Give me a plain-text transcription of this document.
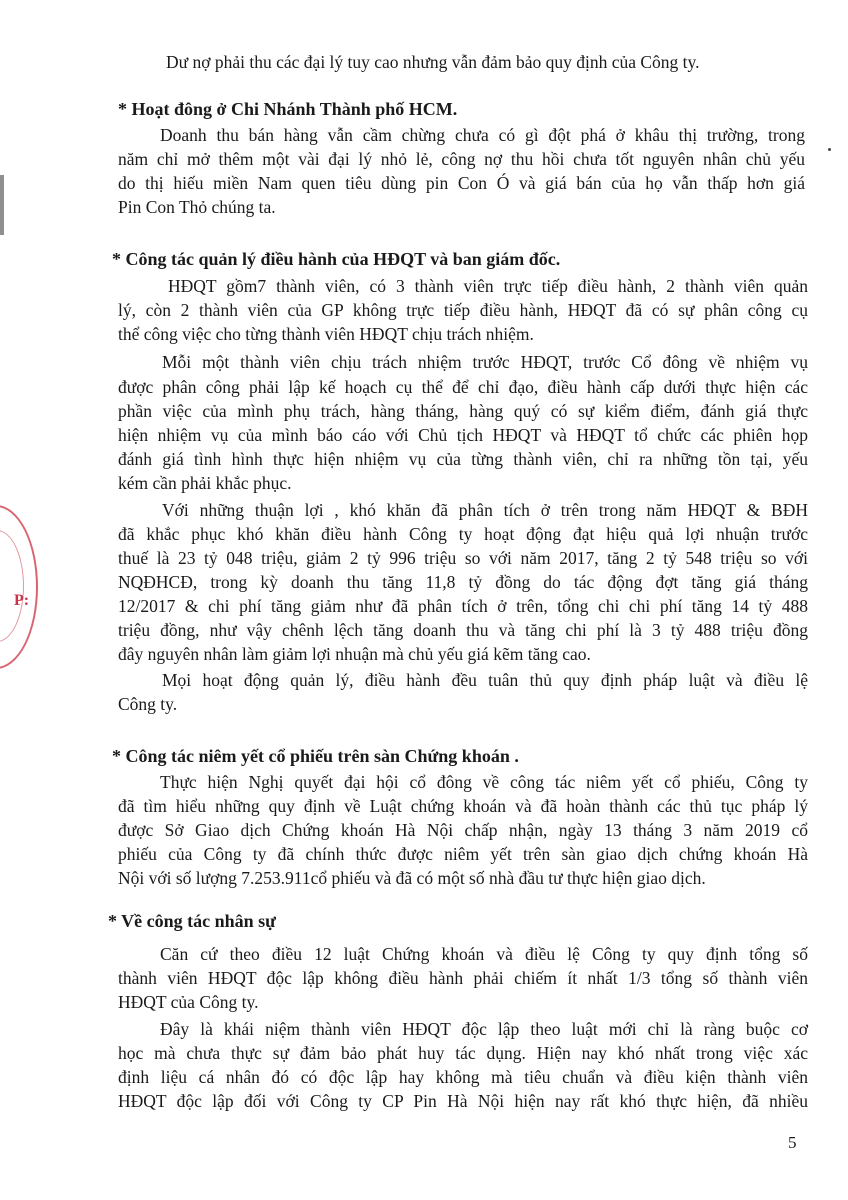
P:
Dư nợ phải thu các đại lý tuy cao nhưng vẫn đảm bảo quy định của Công ty.
* Hoạt đông ở Chi Nhánh Thành phố HCM.
Doanh thu bán hàng vẫn cầm chừng chưa có gì đột phá ở khâu thị trường, trong
năm chỉ mở thêm một vài đại lý nhỏ lẻ, công nợ thu hồi chưa tốt nguyên nhân chủ yếu
do thị hiếu miền Nam quen tiêu dùng pin Con Ó và giá bán của họ vẫn thấp hơn giá
Pin Con Thỏ chúng ta.
* Công tác quản lý điều hành của HĐQT và ban giám đốc.
HĐQT gồm7 thành viên, có 3 thành viên trực tiếp điều hành, 2 thành viên quản
lý, còn 2 thành viên của GP không trực tiếp điều hành, HĐQT đã có sự phân công cụ
thể công việc cho từng thành viên HĐQT chịu trách nhiệm.
Mỗi một thành viên chịu trách nhiệm trước HĐQT, trước Cổ đông về nhiệm vụ
được phân công phải lập kế hoạch cụ thể để chỉ đạo, điều hành cấp dưới thực hiện các
phần việc của mình phụ trách, hàng tháng, hàng quý có sự kiểm điểm, đánh giá thực
hiện nhiệm vụ của mình báo cáo với Chủ tịch HĐQT và HĐQT tổ chức các phiên họp
đánh giá tình hình thực hiện nhiệm vụ của từng thành viên, chỉ ra những tồn tại, yếu
kém cần phải khắc phục.
Với những thuận lợi , khó khăn đã phân tích ở trên trong năm HĐQT & BĐH
đã khắc phục khó khăn điều hành Công ty hoạt động đạt hiệu quả lợi nhuận trước
thuế là 23 tỷ 048 triệu, giảm 2 tỷ 996 triệu so với năm 2017, tăng 2 tỷ 548 triệu so với
NQĐHCĐ, trong kỳ doanh thu tăng 11,8 tỷ đồng do tác động đợt tăng giá tháng
12/2017 & chi phí tăng giảm như đã phân tích ở trên, tổng chi chi phí tăng 14 tỷ 488
triệu đồng, như vậy chênh lệch tăng doanh thu và tăng chi phí là 3 tỷ 488 triệu đồng
đây nguyên nhân làm giảm lợi nhuận mà chủ yếu giá kẽm tăng cao.
Mọi hoạt động quản lý, điều hành đều tuân thủ quy định pháp luật và điều lệ
Công ty.
* Công tác niêm yết cổ phiếu trên sàn Chứng khoán .
Thực hiện Nghị quyết đại hội cổ đông về công tác niêm yết cổ phiếu, Công ty
đã tìm hiểu những quy định về Luật chứng khoán và đã hoàn thành các thủ tục pháp lý
được Sở Giao dịch Chứng khoán Hà Nội chấp nhận, ngày 13 tháng 3 năm 2019 cổ
phiếu của Công ty đã chính thức được niêm yết trên sàn giao dịch chứng khoán Hà
Nội với số lượng 7.253.911cổ phiếu và đã có một số nhà đầu tư thực hiện giao dịch.
* Về công tác nhân sự
Căn cứ theo điều 12 luật Chứng khoán và điều lệ Công ty quy định tổng số
thành viên HĐQT độc lập không điều hành phải chiếm ít nhất 1/3 tổng số thành viên
HĐQT của Công ty.
Đây là khái niệm thành viên HĐQT độc lập theo luật mới chỉ là ràng buộc cơ
học mà chưa thực sự đảm bảo phát huy tác dụng. Hiện nay khó nhất trong việc xác
định liệu cá nhân đó có độc lập hay không mà tiêu chuẩn và điều kiện thành viên
HĐQT độc lập đối với Công ty CP Pin Hà Nội hiện nay rất khó thực hiện, đã nhiều
5
